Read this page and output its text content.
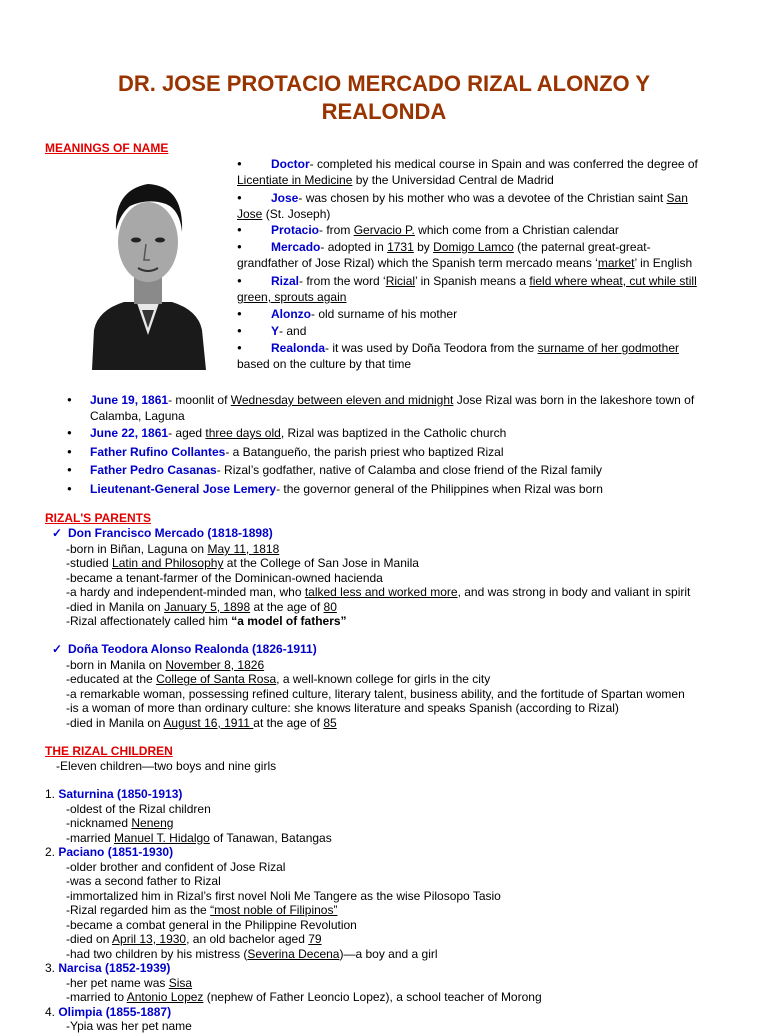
DR. JOSE PROTACIO MERCADO RIZAL ALONZO Y
REALONDA
MEANINGS OF NAME
● Doctor- completed his medical course in Spain and was conferred the degree of
Licentiate in Medicine by the Universidad Central de Madrid
● Jose- was chosen by his mother who was a devotee of the Christian saint San
Jose (St. Joseph)
● Protacio- from Gervacio P. which come from a Christian calendar
● Mercado- adopted in 1731 by Domigo Lamco (the paternal great-great-
grandfather of Jose Rizal) which the Spanish term mercado means ‘market’ in English
● Rizal- from the word ‘Ricial’ in Spanish means a field where wheat, cut while still
green, sprouts again
● Alonzo- old surname of his mother
● Y- and
● Realonda- it was used by Doña Teodora from the surname of her godmother
based on the culture by that time
● June 19, 1861- moonlit of Wednesday between eleven and midnight Jose Rizal was born in the lakeshore town of
Calamba, Laguna
● June 22, 1861- aged three days old, Rizal was baptized in the Catholic church
● Father Rufino Collantes- a Batangueño, the parish priest who baptized Rizal
● Father Pedro Casanas- Rizal’s godfather, native of Calamba and close friend of the Rizal family
● Lieutenant-General Jose Lemery- the governor general of the Philippines when Rizal was born
RIZAL'S PARENTS
✓ Don Francisco Mercado (1818-1898)
-born in Biñan, Laguna on May 11, 1818
-studied Latin and Philosophy at the College of San Jose in Manila
-became a tenant-farmer of the Dominican-owned hacienda
-a hardy and independent-minded man, who talked less and worked more, and was strong in body and valiant in spirit
-died in Manila on January 5, 1898 at the age of 80
-Rizal affectionately called him “a model of fathers”
✓ Doña Teodora Alonso Realonda (1826-1911)
-born in Manila on November 8, 1826
-educated at the College of Santa Rosa, a well-known college for girls in the city
-a remarkable woman, possessing refined culture, literary talent, business ability, and the fortitude of Spartan women
-is a woman of more than ordinary culture: she knows literature and speaks Spanish (according to Rizal)
-died in Manila on August 16, 1911 at the age of 85
THE RIZAL CHILDREN
-Eleven children—two boys and nine girls
1. Saturnina (1850-1913)
-oldest of the Rizal children
-nicknamed Neneng
-married Manuel T. Hidalgo of Tanawan, Batangas
2. Paciano (1851-1930)
-older brother and confident of Jose Rizal
-was a second father to Rizal
-immortalized him in Rizal’s first novel Noli Me Tangere as the wise Pilosopo Tasio
-Rizal regarded him as the “most noble of Filipinos”
-became a combat general in the Philippine Revolution
-died on April 13, 1930, an old bachelor aged 79
-had two children by his mistress (Severina Decena)—a boy and a girl
3. Narcisa (1852-1939)
-her pet name was Sisa
-married to Antonio Lopez (nephew of Father Leoncio Lopez), a school teacher of Morong
4. Olimpia (1855-1887)
-Ypia was her pet name
